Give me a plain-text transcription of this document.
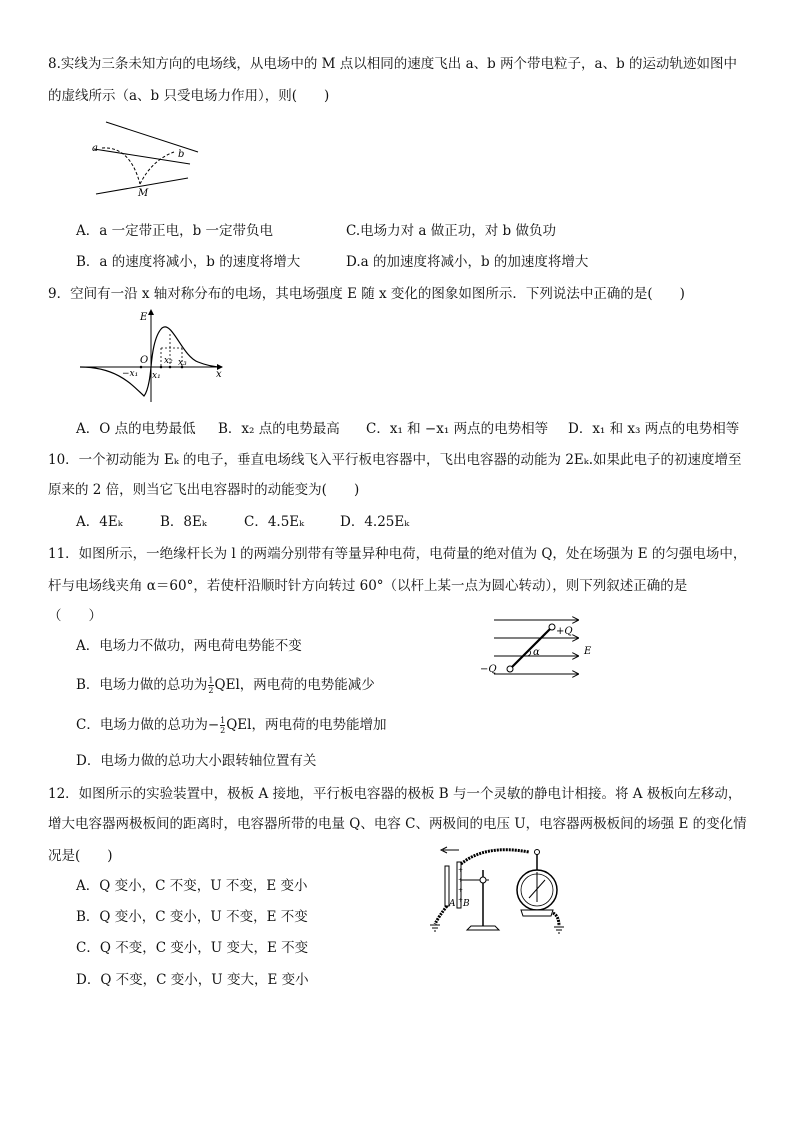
8.实线为三条未知方向的电场线，从电场中的 M 点以相同的速度飞出 a、b 两个带电粒子，a、b 的运动轨迹如图中
的虚线所示（a、b 只受电场力作用），则(　　)
a
b
M
A．a 一定带正电，b 一定带负电	C.电场力对 a 做正功，对 b 做负功
B．a 的速度将减小，b 的速度将增大	D.a 的加速度将减小，b 的加速度将增大
9．空间有一沿 x 轴对称分布的电场，其电场强度 E 随 x 变化的图象如图所示．下列说法中正确的是(　　)
E
O
x
−x₁ x₁
x₂ x₃
A．O 点的电势最低 B．x₂ 点的电势最高 C．x₁ 和 −x₁ 两点的电势相等 D．x₁ 和 x₃ 两点的电势相等
10．一个初动能为 Eₖ 的电子，垂直电场线飞入平行板电容器中，飞出电容器的动能为 2Eₖ.如果此电子的初速度增至
原来的 2 倍，则当它飞出电容器时的动能变为(　　)
A．4Eₖ	B．8Eₖ	C．4.5Eₖ	D．4.25Eₖ
11．如图所示，一绝缘杆长为 l 的两端分别带有等量异种电荷，电荷量的绝对值为 Q，处在场强为 E 的匀强电场中，
杆与电场线夹角 α＝60°，若使杆沿顺时针方向转过 60°（以杆上某一点为圆心转动），则下列叙述正确的是
（　　）
+Q
−Q
α	E
A．电场力不做功，两电荷电势能不变
B．电场力做的总功为 $\frac{1}{2}$ QEl，两电荷的电势能减少
C．电场力做的总功为− $\frac{1}{2}$ QEl，两电荷的电势能增加
D．电场力做的总功大小跟转轴位置有关
12．如图所示的实验装置中，极板 A 接地，平行板电容器的极板 B 与一个灵敏的静电计相接。将 A 极板向左移动，
增大电容器两极板间的距离时，电容器所带的电量 Q、电容 C、两极间的电压 U，电容器两极板间的场强 E 的变化情
况是(　　)
+
+
+
+
A B
A．Q 变小，C 不变，U 不变，E 变小
B．Q 变小，C 变小，U 不变，E 不变
C．Q 不变，C 变小，U 变大，E 不变
D．Q 不变，C 变小，U 变大，E 变小
